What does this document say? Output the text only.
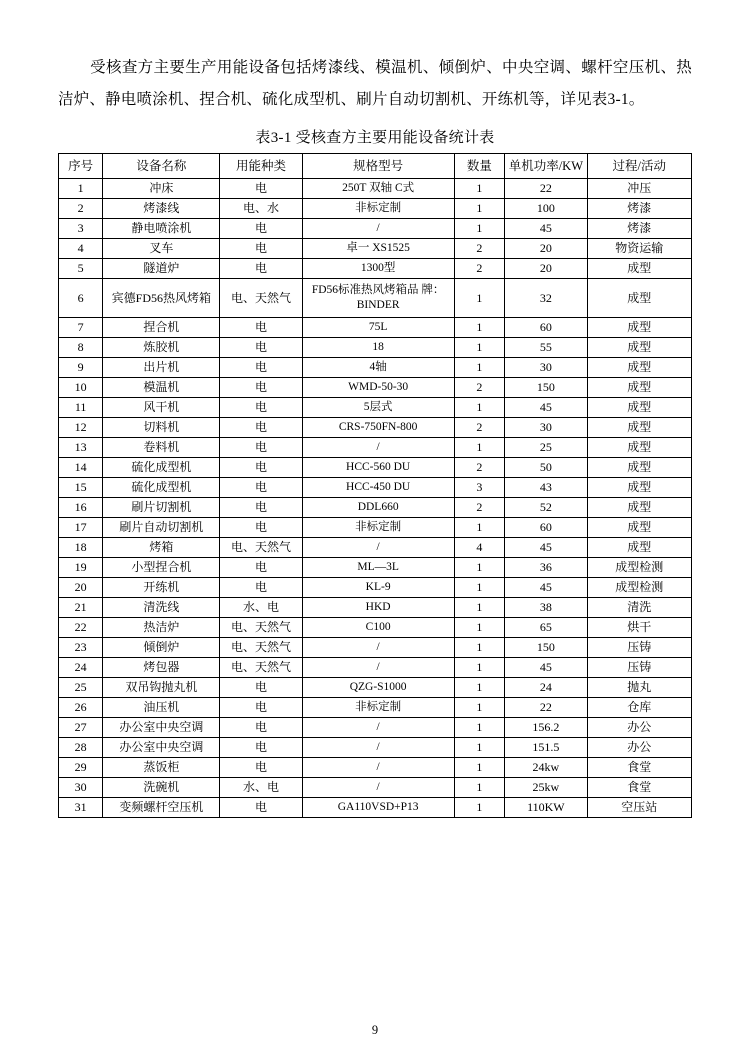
受核查方主要生产用能设备包括烤漆线、模温机、倾倒炉、中央空调、螺杆空压机、热洁炉、静电喷涂机、捏合机、硫化成型机、刷片自动切割机、开练机等，详见表3-1。

表3-1 受核查方主要用能设备统计表
序号	设备名称	用能种类	规格型号	数量	单机功率/KW	过程/活动
1	冲床	电	250T 双轴 C式	1	22	冲压
2	烤漆线	电、水	非标定制	1	100	烤漆
3	静电喷涂机	电	/	1	45	烤漆
4	叉车	电	卓一 XS1525	2	20	物资运输
5	隧道炉	电	1300型	2	20	成型
6	宾德FD56热风烤箱	电、天然气	FD56标准热风烤箱品 牌：BINDER	1	32	成型
7	捏合机	电	75L	1	60	成型
8	炼胶机	电	18	1	55	成型
9	出片机	电	4轴	1	30	成型
10	模温机	电	WMD-50-30	2	150	成型
11	风干机	电	5层式	1	45	成型
12	切料机	电	CRS-750FN-800	2	30	成型
13	卷料机	电	/	1	25	成型
14	硫化成型机	电	HCC-560 DU	2	50	成型
15	硫化成型机	电	HCC-450 DU	3	43	成型
16	刷片切割机	电	DDL660	2	52	成型
17	刷片自动切割机	电	非标定制	1	60	成型
18	烤箱	电、天然气	/	4	45	成型
19	小型捏合机	电	ML—3L	1	36	成型检测
20	开练机	电	KL-9	1	45	成型检测
21	清洗线	水、电	HKD	1	38	清洗
22	热洁炉	电、天然气	C100	1	65	烘干
23	倾倒炉	电、天然气	/	1	150	压铸
24	烤包器	电、天然气	/	1	45	压铸
25	双吊钩抛丸机	电	QZG-S1000	1	24	抛丸
26	油压机	电	非标定制	1	22	仓库
27	办公室中央空调	电	/	1	156.2	办公
28	办公室中央空调	电	/	1	151.5	办公
29	蒸饭柜	电	/	1	24kw	食堂
30	洗碗机	水、电	/	1	25kw	食堂
31	变频螺杆空压机	电	GA110VSD+P13	1	110KW	空压站
9
